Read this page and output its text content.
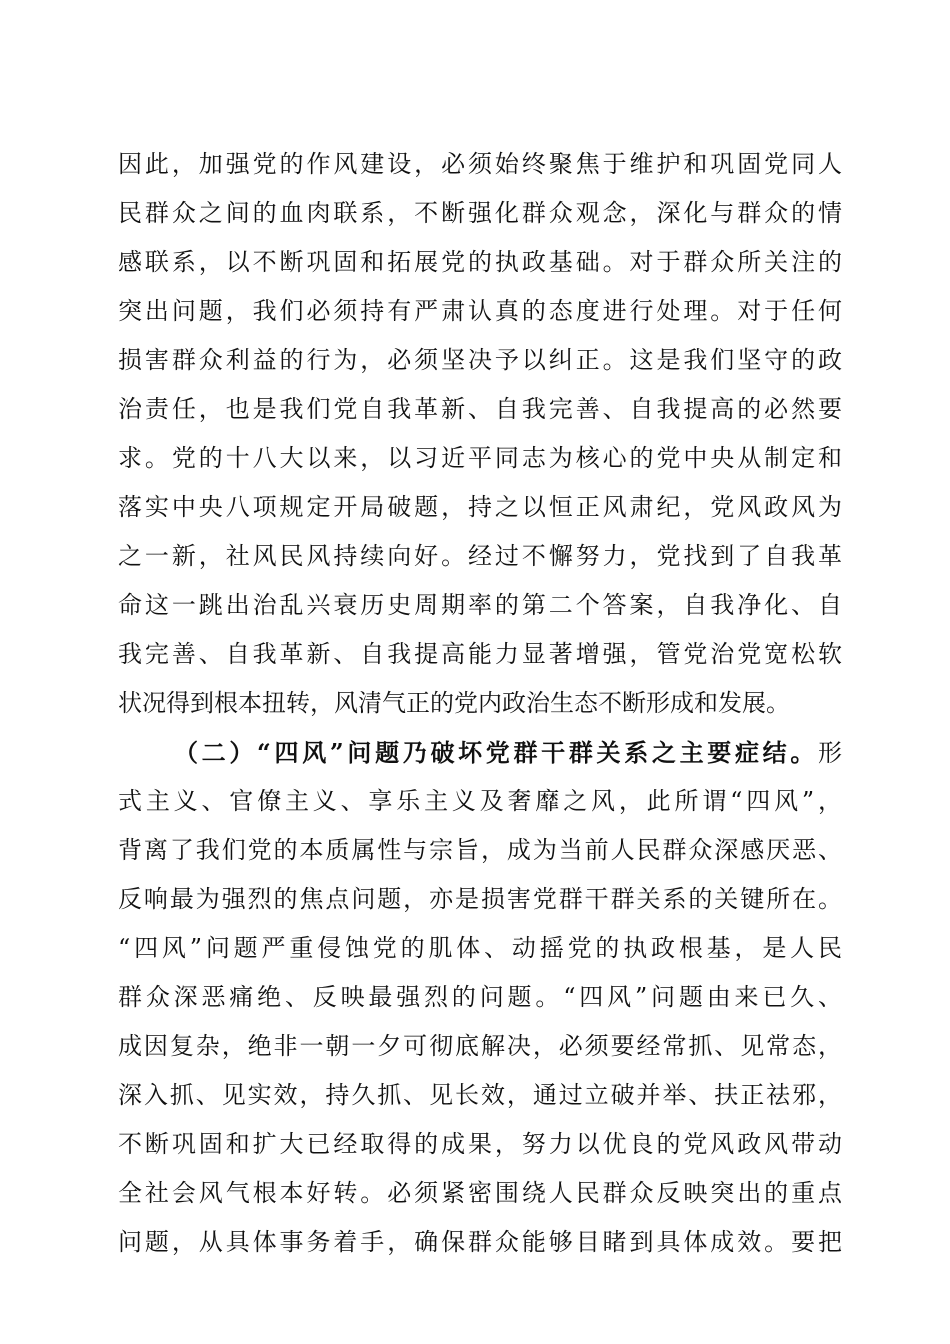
因此，加强党的作风建设，必须始终聚焦于维护和巩固党同人
民群众之间的血肉联系，不断强化群众观念，深化与群众的情
感联系，以不断巩固和拓展党的执政基础。对于群众所关注的
突出问题，我们必须持有严肃认真的态度进行处理。对于任何
损害群众利益的行为，必须坚决予以纠正。这是我们坚守的政
治责任，也是我们党自我革新、自我完善、自我提高的必然要
求。党的十八大以来，以习近平同志为核心的党中央从制定和
落实中央八项规定开局破题，持之以恒正风肃纪，党风政风为
之一新，社风民风持续向好。经过不懈努力，党找到了自我革
命这一跳出治乱兴衰历史周期率的第二个答案，自我净化、自
我完善、自我革新、自我提高能力显著增强，管党治党宽松软
状况得到根本扭转，风清气正的党内政治生态不断形成和发展。
（二）“四风”问题乃破坏党群干群关系之主要症结。形
式主义、官僚主义、享乐主义及奢靡之风，此所谓“四风”，
背离了我们党的本质属性与宗旨，成为当前人民群众深感厌恶、
反响最为强烈的焦点问题，亦是损害党群干群关系的关键所在。
“四风”问题严重侵蚀党的肌体、动摇党的执政根基，是人民
群众深恶痛绝、反映最强烈的问题。“四风”问题由来已久、
成因复杂，绝非一朝一夕可彻底解决，必须要经常抓、见常态，
深入抓、见实效，持久抓、见长效，通过立破并举、扶正祛邪，
不断巩固和扩大已经取得的成果，努力以优良的党风政风带动
全社会风气根本好转。必须紧密围绕人民群众反映突出的重点
问题，从具体事务着手，确保群众能够目睹到具体成效。要把
